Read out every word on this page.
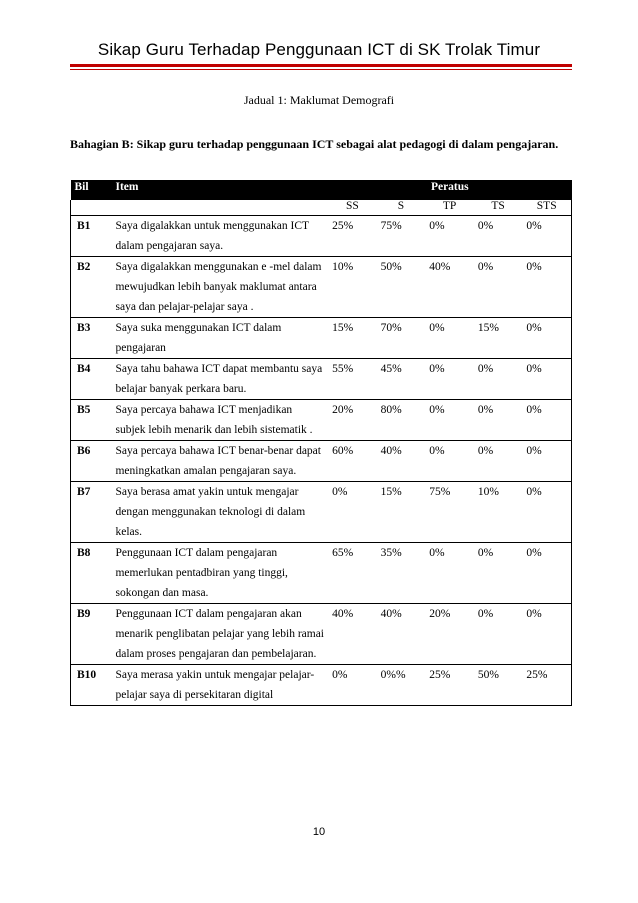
Sikap Guru Terhadap Penggunaan ICT di SK Trolak Timur
Jadual 1: Maklumat Demografi
Bahagian B: Sikap guru terhadap penggunaan ICT sebagai alat pedagogi di dalam pengajaran.
Bil	Item	Peratus				
		SS	S	TP	TS	STS
B1	Saya digalakkan untuk menggunakan ICT dalam pengajaran saya.	25%	75%	0%	0%	0%
B2	Saya digalakkan menggunakan e -mel dalam mewujudkan lebih banyak maklumat antara saya dan pelajar-pelajar saya .	10%	50%	40%	0%	0%
B3	Saya suka menggunakan ICT dalam pengajaran	15%	70%	0%	15%	0%
B4	Saya tahu bahawa ICT dapat membantu saya belajar banyak perkara baru.	55%	45%	0%	0%	0%
B5	Saya percaya bahawa ICT menjadikan subjek lebih menarik dan lebih sistematik .	20%	80%	0%	0%	0%
B6	Saya percaya bahawa ICT benar-benar dapat meningkatkan amalan pengajaran saya.	60%	40%	0%	0%	0%
B7	Saya berasa amat yakin untuk mengajar dengan menggunakan teknologi di dalam kelas.	0%	15%	75%	10%	0%
B8	Penggunaan ICT dalam pengajaran memerlukan pentadbiran yang tinggi, sokongan dan masa.	65%	35%	0%	0%	0%
B9	Penggunaan ICT dalam pengajaran akan menarik penglibatan pelajar yang lebih ramai dalam proses pengajaran dan pembelajaran.	40%	40%	20%	0%	0%
B10	Saya merasa yakin untuk mengajar pelajar-pelajar saya di persekitaran digital	0%	0%%	25%	50%	25%
10
